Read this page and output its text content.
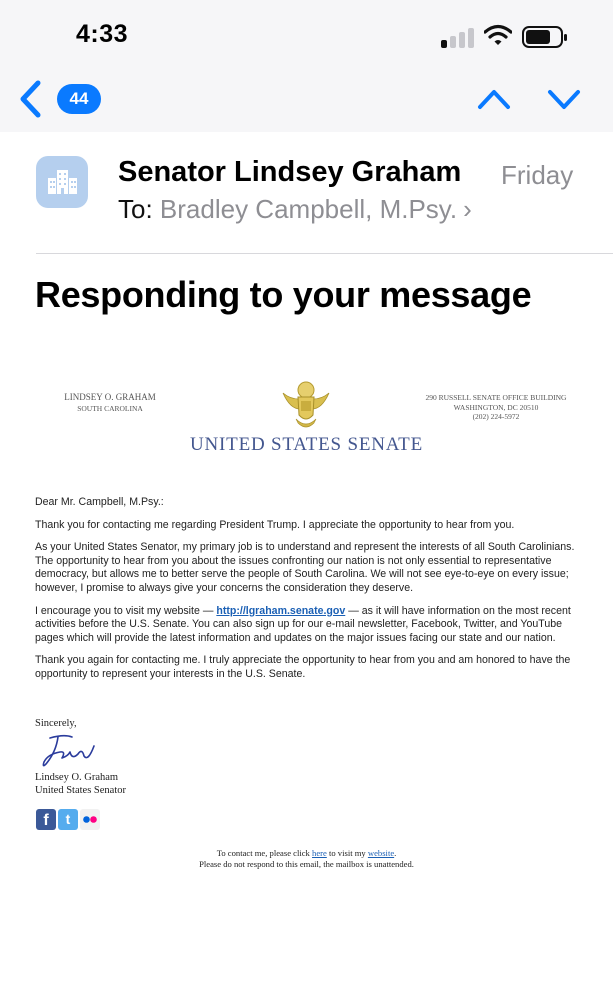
4:33
44
Senator Lindsey Graham Friday
To: Bradley Campbell, M.Psy. ›
Responding to your message
LINDSEY O. GRAHAM
SOUTH CAROLINA
290 RUSSELL SENATE OFFICE BUILDING
WASHINGTON, DC 20510
(202) 224-5972
UNITED STATES SENATE

Dear Mr. Campbell, M.Psy.:

Thank you for contacting me regarding President Trump. I appreciate the opportunity to hear from you.

As your United States Senator, my primary job is to understand and represent the interests of all South Carolinians. The opportunity to hear from you about the issues confronting our nation is not only essential to representative democracy, but allows me to better serve the people of South Carolina. We will not see eye-to-eye on every issue; however, I promise to always give your concerns the consideration they deserve.

I encourage you to visit my website — http://lgraham.senate.gov — as it will have information on the most recent activities before the U.S. Senate. You can also sign up for our e-mail newsletter, Facebook, Twitter, and YouTube pages which will provide the latest information and updates on the major issues facing our state and our nation.

Thank you again for contacting me. I truly appreciate the opportunity to hear from you and am honored to have the opportunity to represent your interests in the U.S. Senate.

Sincerely,
Lindsey O. Graham
United States Senator
f	t
To contact me, please click here to visit my website.
Please do not respond to this email, the mailbox is unattended.
